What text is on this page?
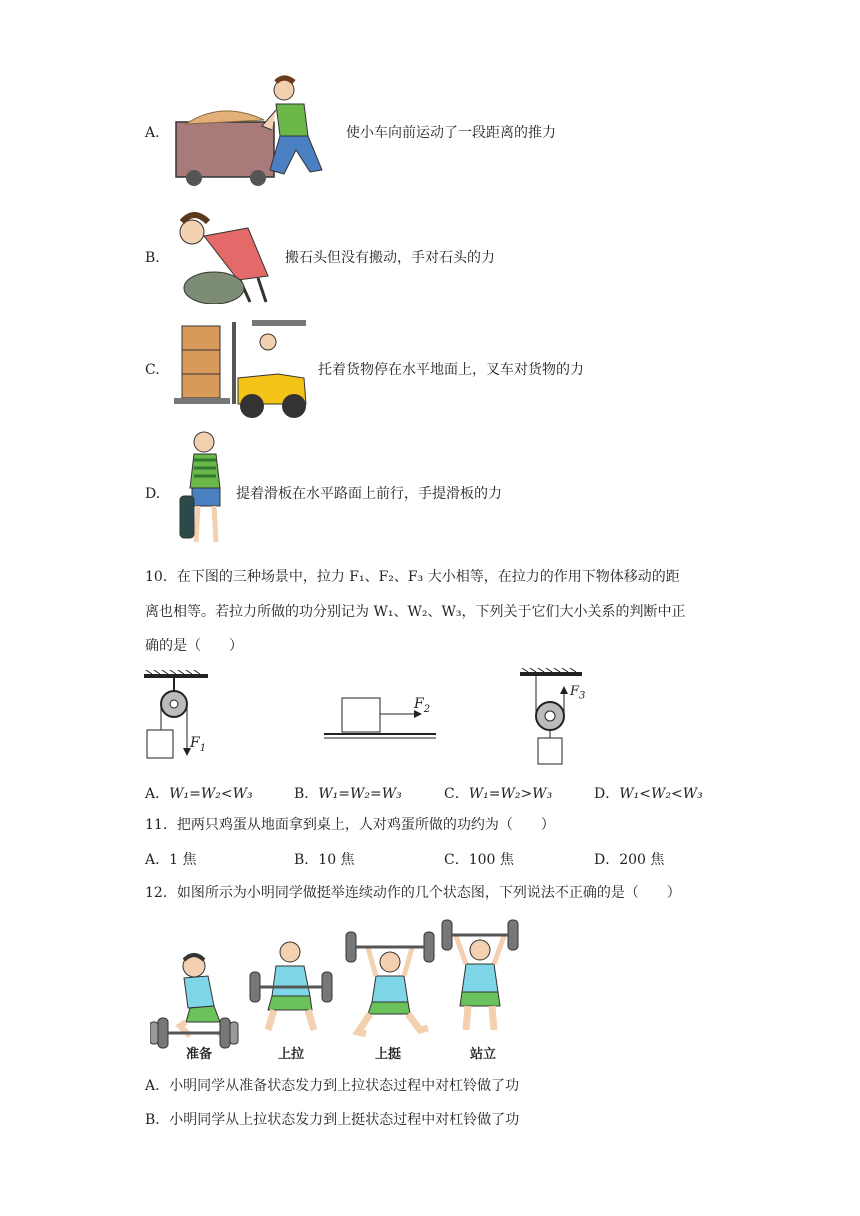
A.	使小车向前运动了一段距离的推力
B.	搬石头但没有搬动，手对石头的力
C.	托着货物停在水平地面上，叉车对货物的力
D.	提着滑板在水平路面上前行，手提滑板的力
10．在下图的三种场景中，拉力 F₁、F₂、F₃ 大小相等，在拉力的作用下物体移动的距
离也相等。若拉力所做的功分别记为 W₁、W₂、W₃，下列关于它们大小关系的判断中正
确的是（　　）
$F_1$
$F_2$
$F_3$
A．W₁=W₂<W₃	B．W₁=W₂=W₃	C．W₁=W₂>W₃	D．W₁<W₂<W₃
11．把两只鸡蛋从地面拿到桌上，人对鸡蛋所做的功约为（　　）
A．1 焦	B．10 焦	C．100 焦	D．200 焦
12．如图所示为小明同学做挺举连续动作的几个状态图，下列说法不正确的是（　　）
准备	上拉	上挺	站立
A．小明同学从准备状态发力到上拉状态过程中对杠铃做了功
B．小明同学从上拉状态发力到上挺状态过程中对杠铃做了功
